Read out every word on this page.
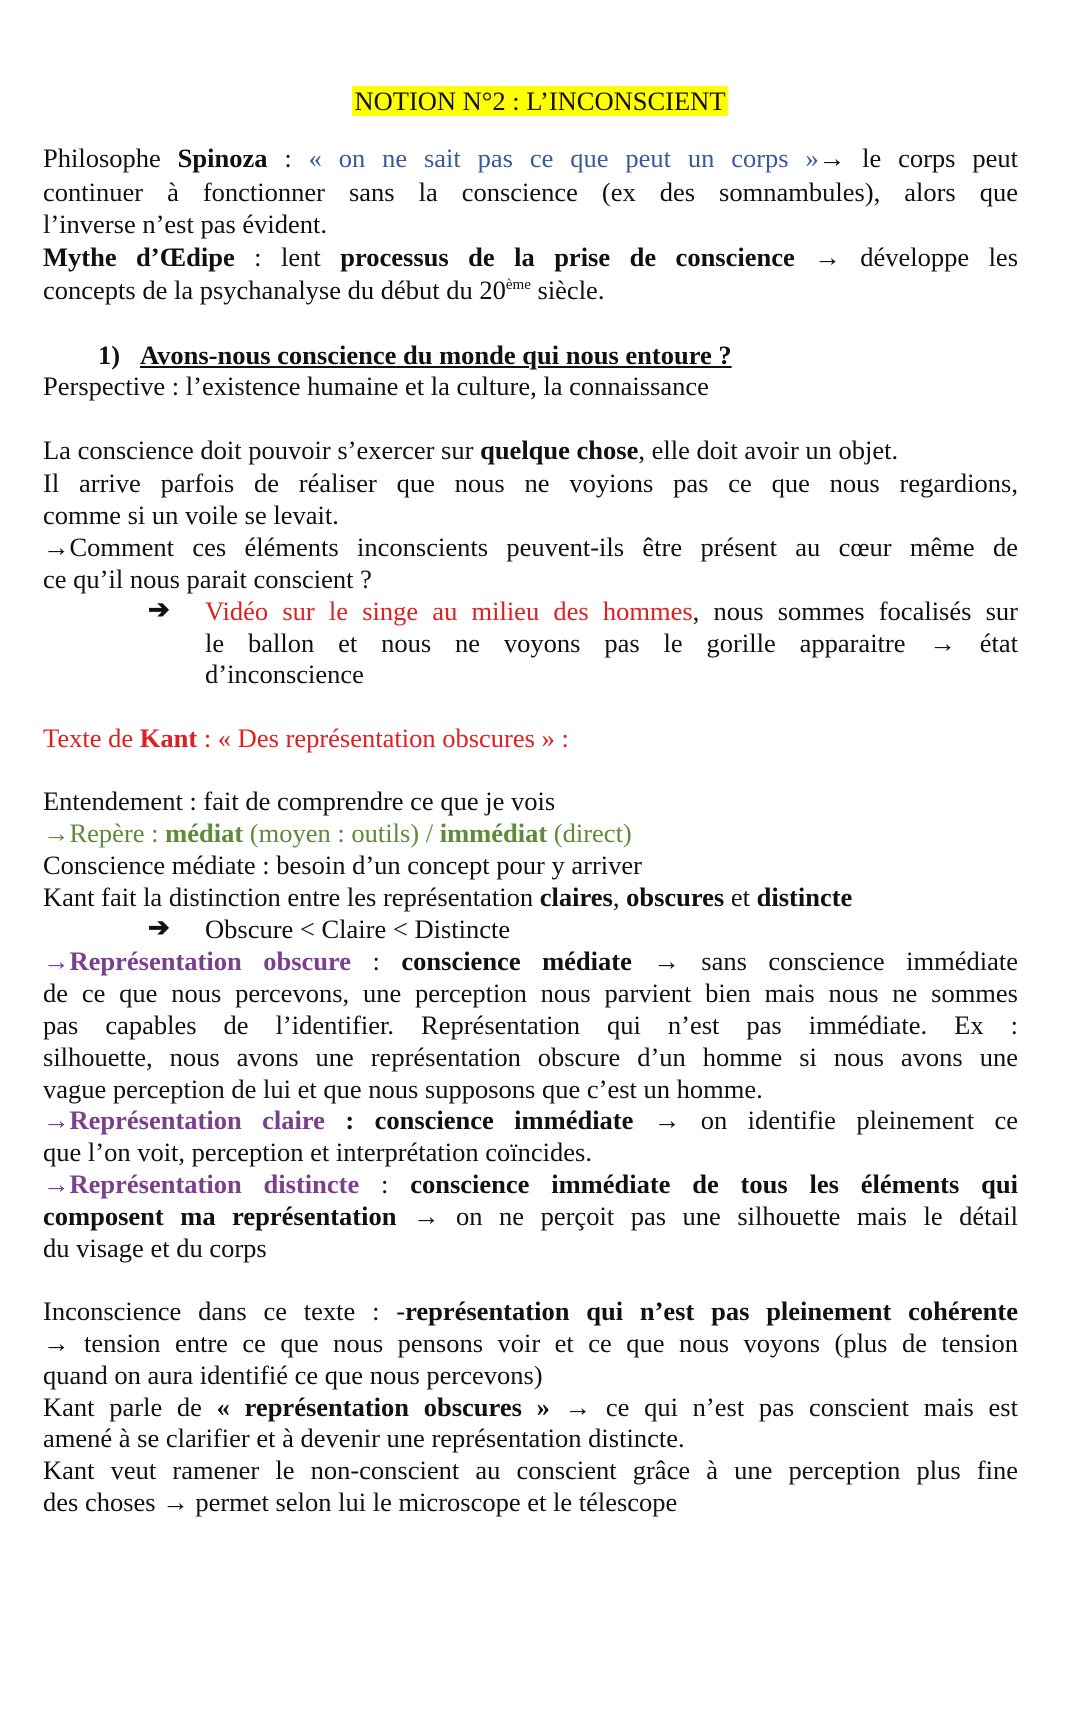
NOTION N°2 : L’INCONSCIENT
Philosophe Spinoza : « on ne sait pas ce que peut un corps »→ le corps peut
continuer à fonctionner sans la conscience (ex des somnambules), alors que
l’inverse n’est pas évident.
Mythe d’Œdipe : lent processus de la prise de conscience → développe les
concepts de la psychanalyse du début du 20ème siècle.
1) Avons-nous conscience du monde qui nous entoure ?
Perspective : l’existence humaine et la culture, la connaissance
La conscience doit pouvoir s’exercer sur quelque chose, elle doit avoir un objet.
Il arrive parfois de réaliser que nous ne voyions pas ce que nous regardions,
comme si un voile se levait.
→Comment ces éléments inconscients peuvent-ils être présent au cœur même de
ce qu’il nous parait conscient ?
➔ Vidéo sur le singe au milieu des hommes, nous sommes focalisés sur
le ballon et nous ne voyons pas le gorille apparaitre → état
d’inconscience
Texte de Kant : « Des représentation obscures » :
Entendement : fait de comprendre ce que je vois
→Repère : médiat (moyen : outils) / immédiat (direct)
Conscience médiate : besoin d’un concept pour y arriver
Kant fait la distinction entre les représentation claires, obscures et distincte
➔ Obscure < Claire < Distincte
→Représentation obscure : conscience médiate → sans conscience immédiate
de ce que nous percevons, une perception nous parvient bien mais nous ne sommes
pas capables de l’identifier. Représentation qui n’est pas immédiate. Ex :
silhouette, nous avons une représentation obscure d’un homme si nous avons une
vague perception de lui et que nous supposons que c’est un homme.
→Représentation claire : conscience immédiate → on identifie pleinement ce
que l’on voit, perception et interprétation coïncides.
→Représentation distincte : conscience immédiate de tous les éléments qui
composent ma représentation → on ne perçoit pas une silhouette mais le détail
du visage et du corps
Inconscience dans ce texte : -représentation qui n’est pas pleinement cohérente
→ tension entre ce que nous pensons voir et ce que nous voyons (plus de tension
quand on aura identifié ce que nous percevons)
Kant parle de « représentation obscures » → ce qui n’est pas conscient mais est
amené à se clarifier et à devenir une représentation distincte.
Kant veut ramener le non-conscient au conscient grâce à une perception plus fine
des choses → permet selon lui le microscope et le télescope
